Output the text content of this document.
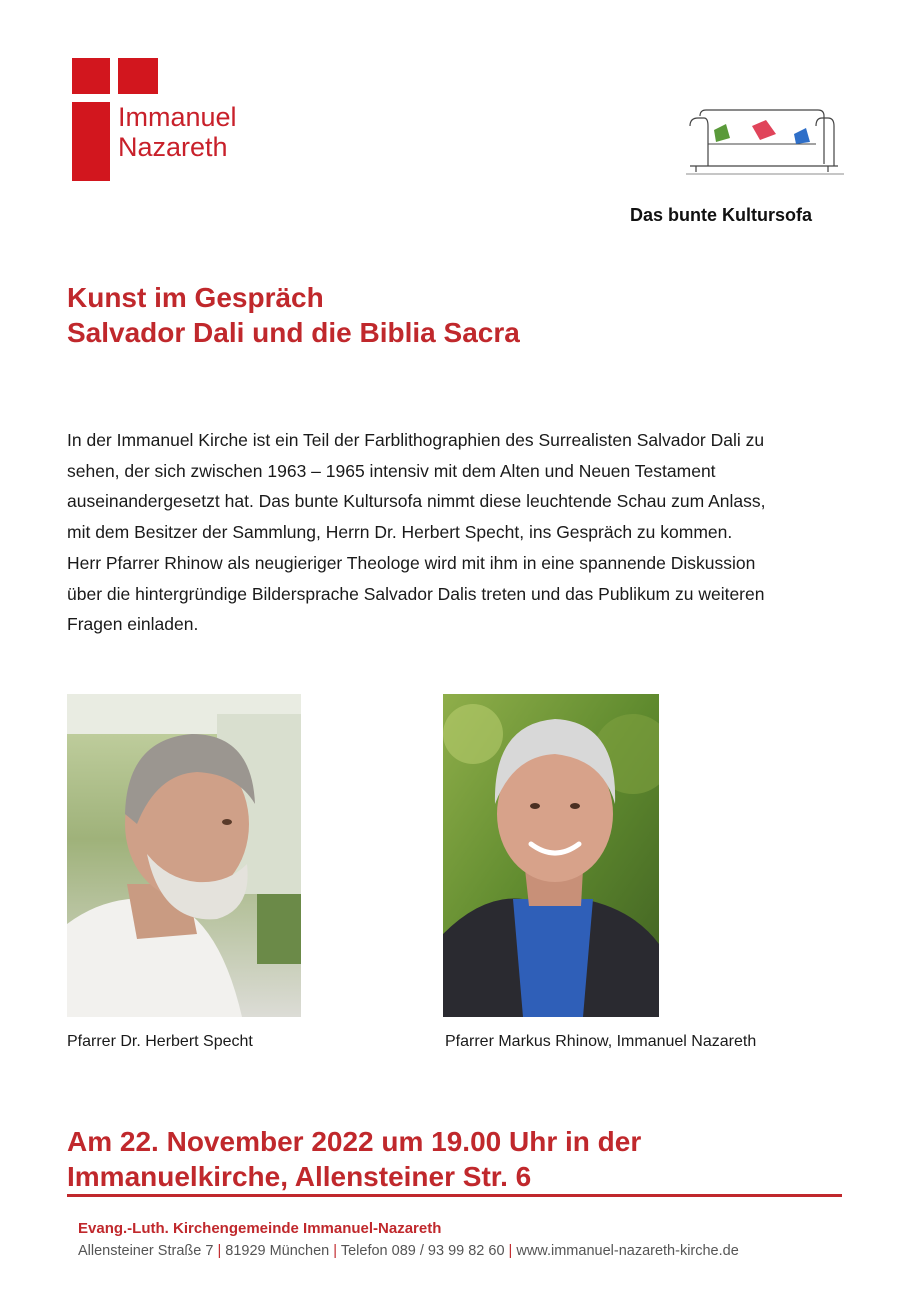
Immanuel
Nazareth
Das bunte Kultursofa
Kunst im Gespräch
Salvador Dali und die Biblia Sacra
In der Immanuel Kirche ist ein Teil der Farblithographien des Surrealisten Salvador Dali zu
sehen, der sich zwischen 1963 – 1965 intensiv mit dem Alten und Neuen Testament
auseinandergesetzt hat. Das bunte Kultursofa nimmt diese leuchtende Schau zum Anlass,
mit dem Besitzer der Sammlung, Herrn Dr. Herbert Specht, ins Gespräch zu kommen.
Herr Pfarrer Rhinow als neugieriger Theologe wird mit ihm in eine spannende Diskussion
über die hintergründige Bildersprache Salvador Dalis treten und das Publikum zu weiteren
Fragen einladen.
Pfarrer Dr. Herbert Specht	Pfarrer Markus Rhinow, Immanuel Nazareth
Am 22. November 2022 um 19.00 Uhr in der
Immanuelkirche, Allensteiner Str. 6
Evang.-Luth. Kirchengemeinde Immanuel-Nazareth
Allensteiner Straße 7 | 81929 München | Telefon 089 / 93 99 82 60 | www.immanuel-nazareth-kirche.de
